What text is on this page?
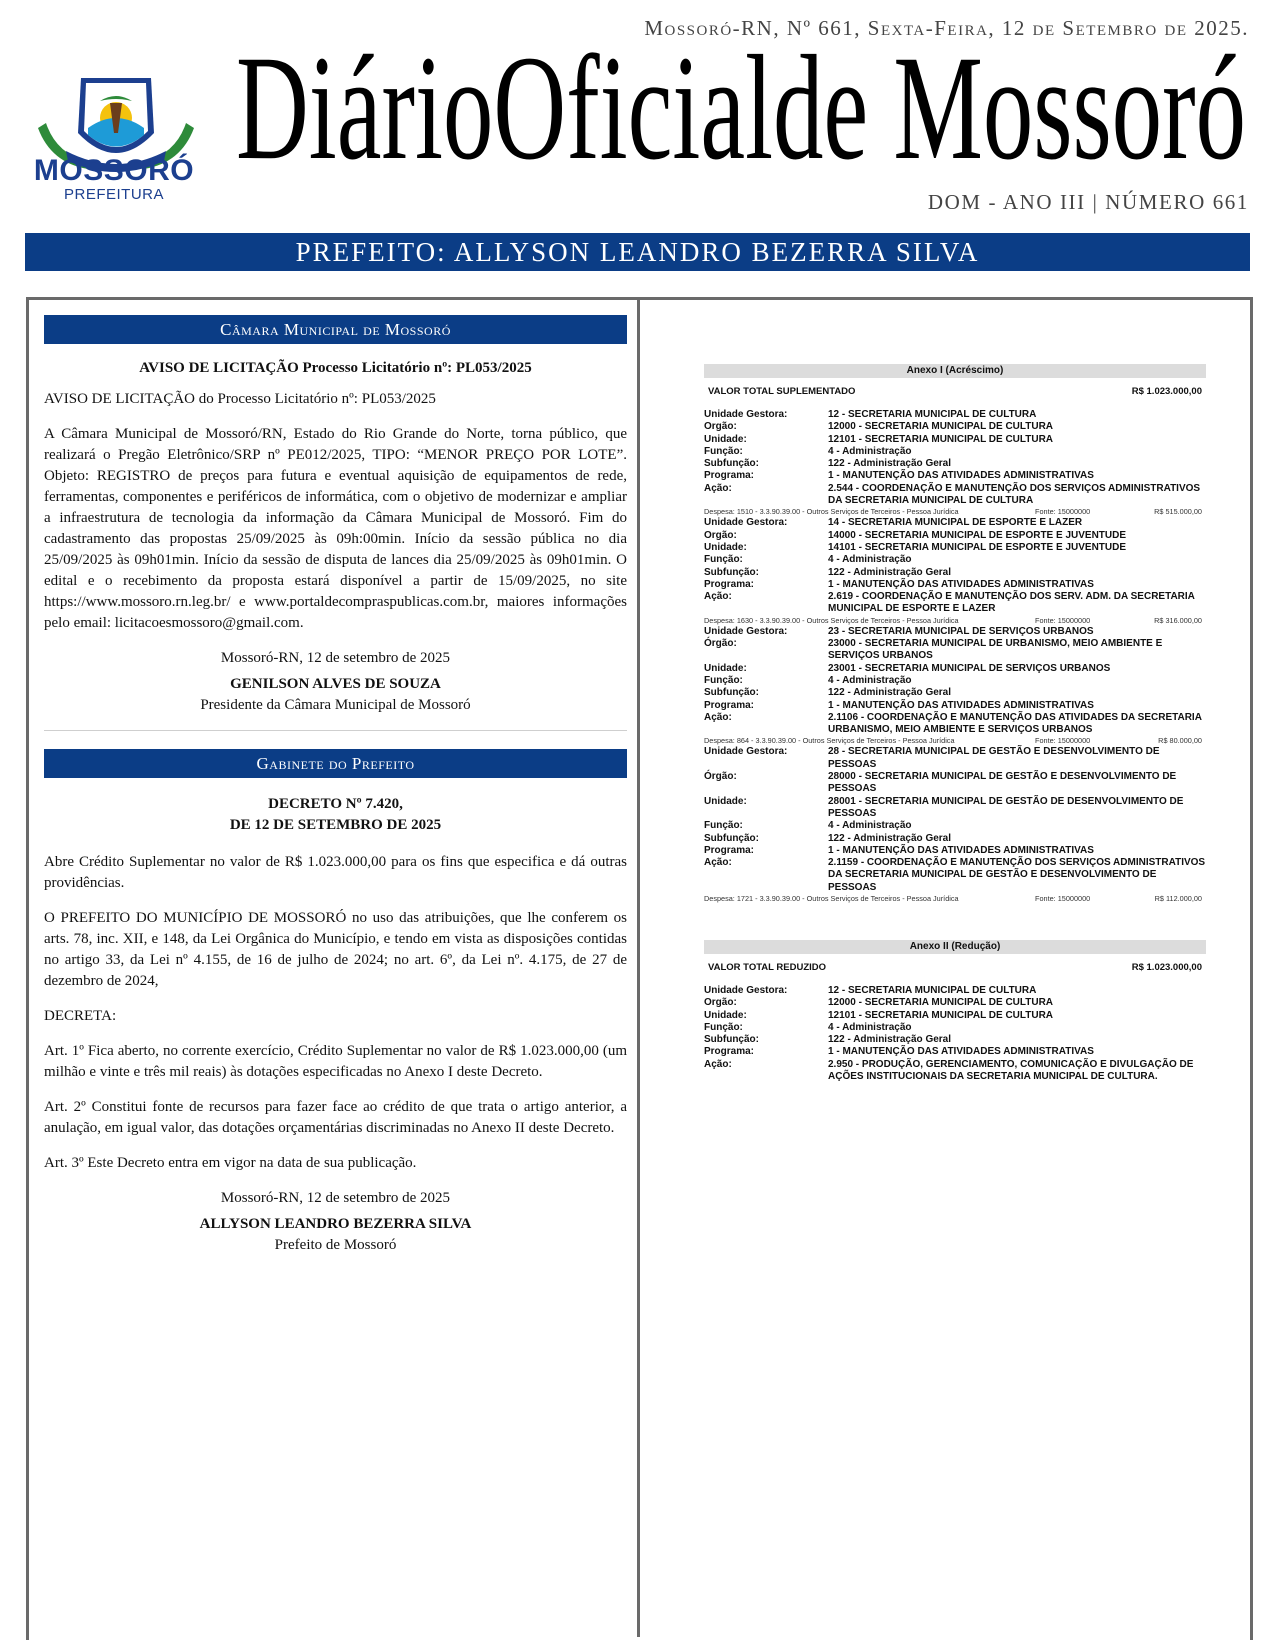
Mossoró-RN, Nº 661, Sexta-Feira, 12 de Setembro de 2025.
MOSSORÓ
PREFEITURA
DiárioOficialde Mossoró
DOM - ANO III | NÚMERO 661
PREFEITO: ALLYSON LEANDRO BEZERRA SILVA
Câmara Municipal de Mossoró

AVISO DE LICITAÇÃO Processo Licitatório nº: PL053/2025

AVISO DE LICITAÇÃO do Processo Licitatório nº: PL053/2025

A Câmara Municipal de Mossoró/RN, Estado do Rio Grande do Norte, torna público, que realizará o Pregão Eletrônico/SRP nº PE012/2025, TIPO: “MENOR PREÇO POR LOTE”. Objeto: REGISTRO de preços para futura e eventual aquisição de equipamentos de rede, ferramentas, componentes e periféricos de informática, com o objetivo de modernizar e ampliar a infraestrutura de tecnologia da informação da Câmara Municipal de Mossoró. Fim do cadastramento das propostas 25/09/2025 às 09h:00min. Início da sessão pública no dia 25/09/2025 às 09h01min. Início da sessão de disputa de lances dia 25/09/2025 às 09h01min. O edital e o recebimento da proposta estará disponível a partir de 15/09/2025, no site https://www.mossoro.rn.leg.br/ e www.portaldecompraspublicas.com.br, maiores informações pelo email: licitacoesmossoro@gmail.com.

Mossoró-RN, 12 de setembro de 2025

GENILSON ALVES DE SOUZA

Presidente da Câmara Municipal de Mossoró

Gabinete do Prefeito

DECRETO Nº 7.420,

DE 12 DE SETEMBRO DE 2025

Abre Crédito Suplementar no valor de R$ 1.023.000,00 para os fins que especifica e dá outras providências.

O PREFEITO DO MUNICÍPIO DE MOSSORÓ no uso das atribuições, que lhe conferem os arts. 78, inc. XII, e 148, da Lei Orgânica do Município, e tendo em vista as disposições contidas no artigo 33, da Lei nº 4.155, de 16 de julho de 2024; no art. 6º, da Lei nº. 4.175, de 27 de dezembro de 2024,

DECRETA:

Art. 1º Fica aberto, no corrente exercício, Crédito Suplementar no valor de R$ 1.023.000,00 (um milhão e vinte e três mil reais) às dotações especificadas no Anexo I deste Decreto.

Art. 2º Constitui fonte de recursos para fazer face ao crédito de que trata o artigo anterior, a anulação, em igual valor, das dotações orçamentárias discriminadas no Anexo II deste Decreto.

Art. 3º Este Decreto entra em vigor na data de sua publicação.

Mossoró-RN, 12 de setembro de 2025

ALLYSON LEANDRO BEZERRA SILVA

Prefeito de Mossoró

Anexo I (Acréscimo)
VALOR TOTAL SUPLEMENTADO	R$ 1.023.000,00
Unidade Gestora:	12 - SECRETARIA MUNICIPAL DE CULTURA
Orgão:	12000 - SECRETARIA MUNICIPAL DE CULTURA
Unidade:	12101 - SECRETARIA MUNICIPAL DE CULTURA
Função:	4 - Administração
Subfunção:	122 - Administração Geral
Programa:	1 - MANUTENÇÃO DAS ATIVIDADES ADMINISTRATIVAS
Ação:	2.544 - COORDENAÇÃO E MANUTENÇÃO DOS SERVIÇOS ADMINISTRATIVOS DA SECRETARIA MUNICIPAL DE CULTURA
Despesa: 1510 - 3.3.90.39.00 - Outros Serviços de Terceiros - Pessoa Jurídica	Fonte: 15000000	R$ 515.000,00
Unidade Gestora:	14 - SECRETARIA MUNICIPAL DE ESPORTE E LAZER
Orgão:	14000 - SECRETARIA MUNICIPAL DE ESPORTE E JUVENTUDE
Unidade:	14101 - SECRETARIA MUNICIPAL DE ESPORTE E JUVENTUDE
Função:	4 - Administração
Subfunção:	122 - Administração Geral
Programa:	1 - MANUTENÇÃO DAS ATIVIDADES ADMINISTRATIVAS
Ação:	2.619 - COORDENAÇÃO E MANUTENÇÃO DOS SERV. ADM. DA SECRETARIA MUNICIPAL DE ESPORTE E LAZER
Despesa: 1630 - 3.3.90.39.00 - Outros Serviços de Terceiros - Pessoa Jurídica	Fonte: 15000000	R$ 316.000,00
Unidade Gestora:	23 - SECRETARIA MUNICIPAL DE SERVIÇOS URBANOS
Órgão:	23000 - SECRETARIA MUNICIPAL DE URBANISMO, MEIO AMBIENTE E SERVIÇOS URBANOS
Unidade:	23001 - SECRETARIA MUNICIPAL DE SERVIÇOS URBANOS
Função:	4 - Administração
Subfunção:	122 - Administração Geral
Programa:	1 - MANUTENÇÃO DAS ATIVIDADES ADMINISTRATIVAS
Ação:	2.1106 - COORDENAÇÃO E MANUTENÇÃO DAS ATIVIDADES DA SECRETARIA URBANISMO, MEIO AMBIENTE E SERVIÇOS URBANOS
Despesa: 864 - 3.3.90.39.00 - Outros Serviços de Terceiros - Pessoa Jurídica	Fonte: 15000000	R$ 80.000,00
Unidade Gestora:	28 - SECRETARIA MUNICIPAL DE GESTÃO E DESENVOLVIMENTO DE PESSOAS
Órgão:	28000 - SECRETARIA MUNICIPAL DE GESTÃO E DESENVOLVIMENTO DE PESSOAS
Unidade:	28001 - SECRETARIA MUNICIPAL DE GESTÃO DE DESENVOLVIMENTO DE PESSOAS
Função:	4 - Administração
Subfunção:	122 - Administração Geral
Programa:	1 - MANUTENÇÃO DAS ATIVIDADES ADMINISTRATIVAS
Ação:	2.1159 - COORDENAÇÃO E MANUTENÇÃO DOS SERVIÇOS ADMINISTRATIVOS DA SECRETARIA MUNICIPAL DE GESTÃO E DESENVOLVIMENTO DE PESSOAS
Despesa: 1721 - 3.3.90.39.00 - Outros Serviços de Terceiros - Pessoa Jurídica	Fonte: 15000000	R$ 112.000,00
Anexo II (Redução)
VALOR TOTAL REDUZIDO	R$ 1.023.000,00
Unidade Gestora:	12 - SECRETARIA MUNICIPAL DE CULTURA
Orgão:	12000 - SECRETARIA MUNICIPAL DE CULTURA
Unidade:	12101 - SECRETARIA MUNICIPAL DE CULTURA
Função:	4 - Administração
Subfunção:	122 - Administração Geral
Programa:	1 - MANUTENÇÃO DAS ATIVIDADES ADMINISTRATIVAS
Ação:	2.950 - PRODUÇÃO, GERENCIAMENTO, COMUNICAÇÃO E DIVULGAÇÃO DE AÇÕES INSTITUCIONAIS DA SECRETARIA MUNICIPAL DE CULTURA.
